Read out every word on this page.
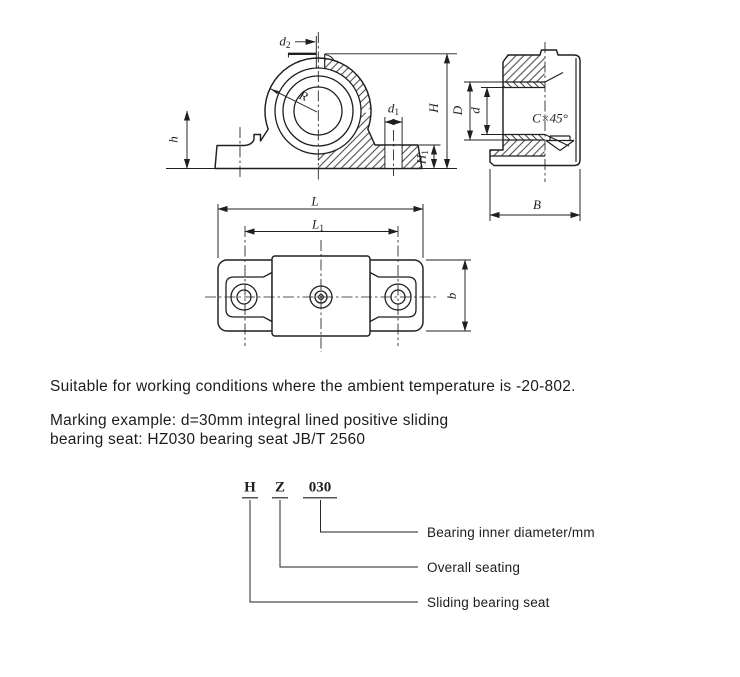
d2
R
d1
h
H
H1
D d	C×45°
B
L
L1
b
H Z 030
Suitable for working conditions where the ambient temperature is -20-802.
Marking example: d=30mm integral lined positive sliding
bearing seat: HZ030 bearing seat JB/T 2560
Bearing inner diameter/mm
Overall seating
Sliding bearing seat
